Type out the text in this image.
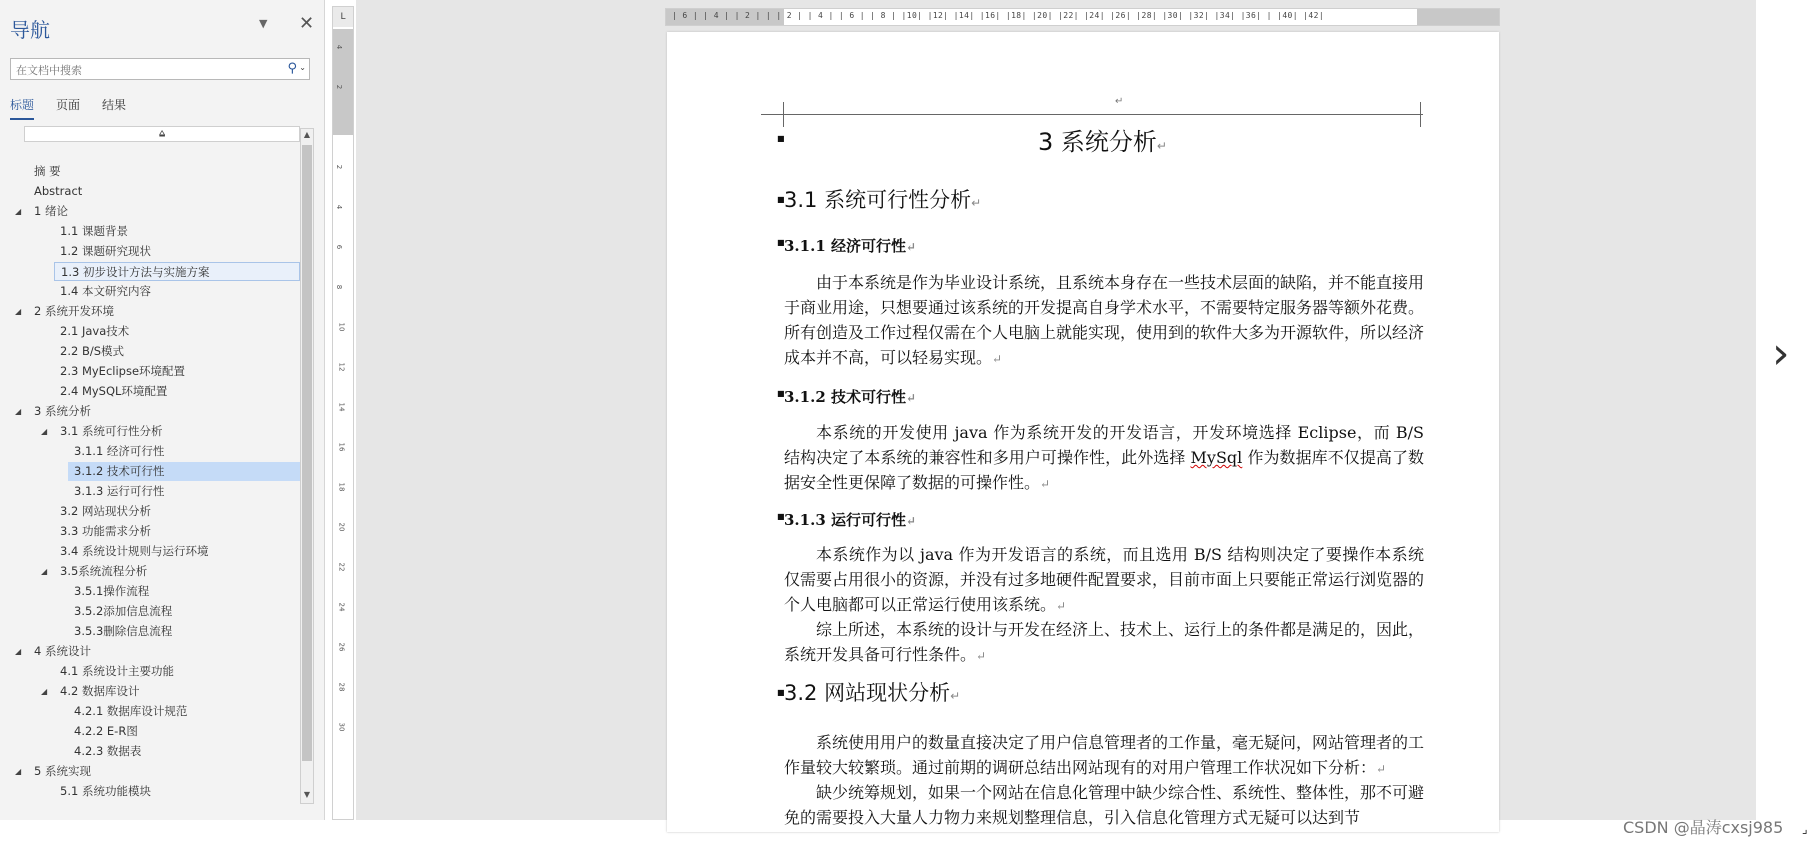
导航	▼ ✕
在文档中搜索
⚲ ⌄
标题 页面 结果
⩠	▲
▼
摘 要
Abstract
◢ 1 绪论
1.1 课题背景
1.2 课题研究现状
1.3 初步设计方法与实施方案
1.4 本文研究内容
◢ 2 系统开发环境
2.1 Java技术
2.2 B/S模式
2.3 MyEclipse环境配置
2.4 MySQL环境配置
◢ 3 系统分析
◢ 3.1 系统可行性分析
3.1.1 经济可行性
3.1.2 技术可行性
3.1.3 运行可行性
3.2 网站现状分析
3.3 功能需求分析
3.4 系统设计规则与运行环境
◢ 3.5系统流程分析
3.5.1操作流程
3.5.2添加信息流程
3.5.3删除信息流程
◢ 4 系统设计
4.1 系统设计主要功能
◢ 4.2 数据库设计
4.2.1 数据库设计规范
4.2.2 E-R图
4.2.3 数据表
◢ 5 系统实现
5.1 系统功能模块
L
4
2
2
4
6
8
10
12
14
16
18
20
22
24
26
28
30
| 6 | | 4 | | 2 | | | 2 | | 4 | | 6 | | 8 | |10| |12| |14| |16| |18| |20| |22| |24| |26| |28| |30| |32| |34| |36| | |40| |42|
↵
■	3 系统分析↵
■ 3.1 系统可行性分析↵
■ 3.1.1 经济可行性↵
由于本系统是作为毕业设计系统，且系统本身存在一些技术层面的缺陷，并不能直接用于商业用途，只想要通过该系统的开发提高自身学术水平，不需要特定服务器等额外花费。所有创造及工作过程仅需在个人电脑上就能实现，使用到的软件大多为开源软件，所以经济成本并不高，可以轻易实现。↵
■ 3.1.2 技术可行性↵
本系统的开发使用 java 作为系统开发的开发语言，开发环境选择 Eclipse，而 B/S 结构决定了本系统的兼容性和多用户可操作性，此外选择 MySql 作为数据库不仅提高了数据安全性更保障了数据的可操作性。↵
■ 3.1.3 运行可行性↵
本系统作为以 java 作为开发语言的系统，而且选用 B/S 结构则决定了要操作本系统仅需要占用很小的资源，并没有过多地硬件配置要求，目前市面上只要能正常运行浏览器的个人电脑都可以正常运行使用该系统。↵
综上所述，本系统的设计与开发在经济上、技术上、运行上的条件都是满足的，因此，系统开发具备可行性条件。↵
■ 3.2 网站现状分析↵
系统使用用户的数量直接决定了用户信息管理者的工作量，毫无疑问，网站管理者的工作量较大较繁琐。通过前期的调研总结出网站现有的对用户管理工作状况如下分析：↵
缺少统筹规划，如果一个网站在信息化管理中缺少综合性、系统性、整体性，那不可避免的需要投入大量人力物力来规划整理信息，引入信息化管理方式无疑可以达到节
›
CSDN @晶涛cxsj985 ⌟
